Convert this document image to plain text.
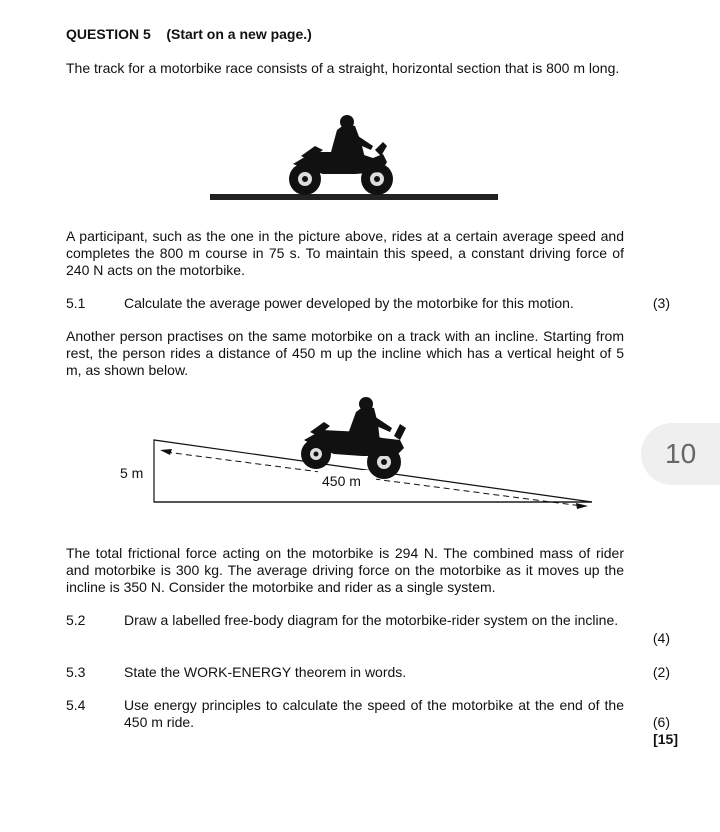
QUESTION 5 (Start on a new page.)
The track for a motorbike race consists of a straight, horizontal section that is 800 m long.
A participant, such as the one in the picture above, rides at a certain average speed and completes the 800 m course in 75 s. To maintain this speed, a constant driving force of 240 N acts on the motorbike.
5.1	Calculate the average power developed by the motorbike for this motion.	(3)
Another person practises on the same motorbike on a track with an incline. Starting from rest, the person rides a distance of 450 m up the incline which has a vertical height of 5 m, as shown below.
450 m
5 m
The total frictional force acting on the motorbike is 294 N. The combined mass of rider and motorbike is 300 kg. The average driving force on the motorbike as it moves up the incline is 350 N. Consider the motorbike and rider as a single system.
5.2	Draw a labelled free-body diagram for the motorbike-rider system on the incline.
(4)
5.3	State the WORK-ENERGY theorem in words.	(2)
5.4	Use energy principles to calculate the speed of the motorbike at the end of the 450 m ride.	(6)
[15]
10
